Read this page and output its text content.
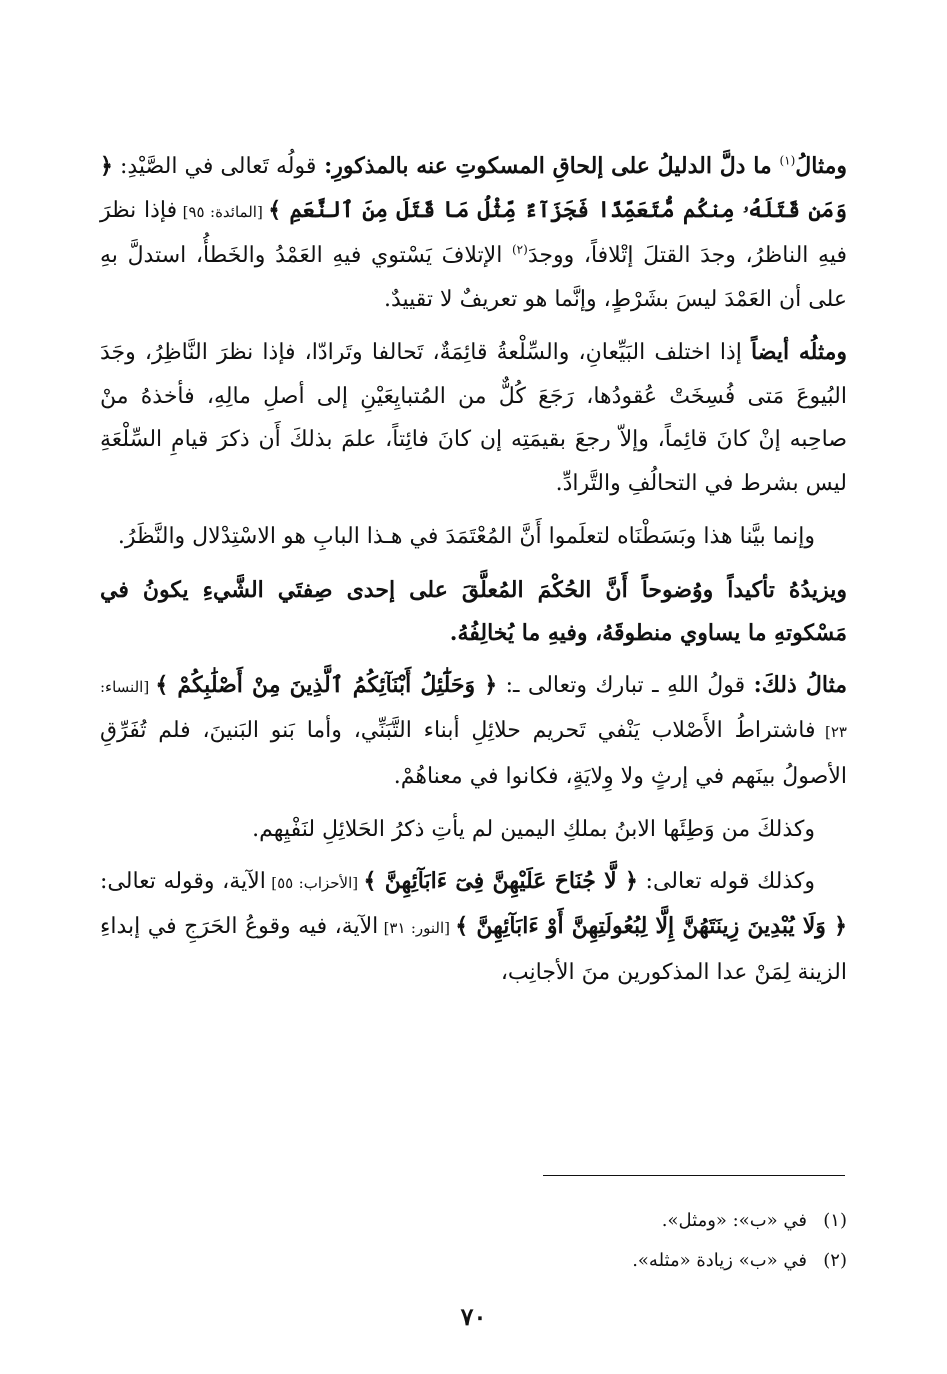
ومثالُ$^{(١)}$ ما دلَّ الدليلُ على إلحاقِ المسكوتِ عنه بالمذكورِ: قولُه تَعالى في الصَّيْدِ: ﴿ وَمَن قَتَلَهُۥ مِنكُم مُّتَعَمِّدًا فَجَزَآءٌ مِّثْلُ مَا قَتَلَ مِنَ ٱلنَّعَمِ ﴾ [المائدة: ٩٥] فإذا نظرَ فيهِ الناظرُ، وجدَ القتلَ إتْلافاً، ووجدَ$^{(٢)}$ الإتلافَ يَسْتوي فيهِ العَمْدُ والخَطأُ، استدلَّ بهِ على أن العَمْدَ ليسَ بشَرْطٍ، وإنَّما هو تعريفٌ لا تقييدٌ.

ومثلُه أيضاً إذا اختلف البَيِّعانِ، والسِّلْعةُ قائِمَةٌ، تَحالفا وتَرادّا، فإذا نظرَ النَّاظِرُ، وجَدَ البُيوعَ مَتى فُسِخَتْ عُقودُها، رَجَعَ كُلٌّ من المُتبايِعَيْنِ إلى أصلِ مالِهِ، فأخذهُ منْ صاحِبه إنْ كانَ قائِماً، وإلاّ رجعَ بقيمَتِه إن كانَ فائِتاً، علمَ بذلكَ أَن ذكرَ قيامِ السِّلْعَةِ ليس بشرط في التحالُفِ والتَّرادِّ.

وإنما بيَّنا هذا وبَسَطْنَاه لتعلَموا أَنَّ المُعْتَمَدَ في هـذا البابِ هو الاسْتِدْلال والنَّظَرُ.

ويزيدُهُ تأكيداً ووُضوحاً أَنَّ الحُكْمَ المُعلَّقَ على إحدى صِفتَي الشَّيءِ يكونُ في مَسْكوتهِ ما يساوي منطوقَهُ، وفيهِ ما يُخالِفُهُ.

مثالُ ذلكَ: قولُ اللهِ ـ تبارك وتعالى ـ: ﴿ وَحَلَٰٓئِلُ أَبْنَآئِكُمُ ٱلَّذِينَ مِنْ أَصْلَٰبِكُمْ ﴾ [النساء: ٢٣] فاشتراطُ الأَصْلاب يَنْفي تَحريم حلائِلِ أبناء التَّبَنِّي، وأما بَنو البَنينَ، فلم تُفَرِّقِ الأصولُ بينَهم في إرثٍ ولا وِلايَةٍ، فكانوا في معناهُمْ.

وكذلكَ من وَطِئَها الابنُ بملكِ اليمين لم يأتِ ذكرُ الحَلائِلِ لنَفْيِهم.

وكذلك قوله تعالى: ﴿ لَّا جُنَاحَ عَلَيْهِنَّ فِىٓ ءَابَآئِهِنَّ ﴾ [الأحزاب: ٥٥] الآية، وقوله تعالى: ﴿ وَلَا يُبْدِينَ زِينَتَهُنَّ إِلَّا لِبُعُولَتِهِنَّ أَوْ ءَابَآئِهِنَّ ﴾ [النور: ٣١] الآية، فيه وقوعُ الحَرَجِ في إبداءِ الزينة لِمَنْ عدا المذكورين منَ الأجانِب،

(١)في «ب»: «ومثل».
(٢)في «ب» زيادة «مثله».
٧٠
